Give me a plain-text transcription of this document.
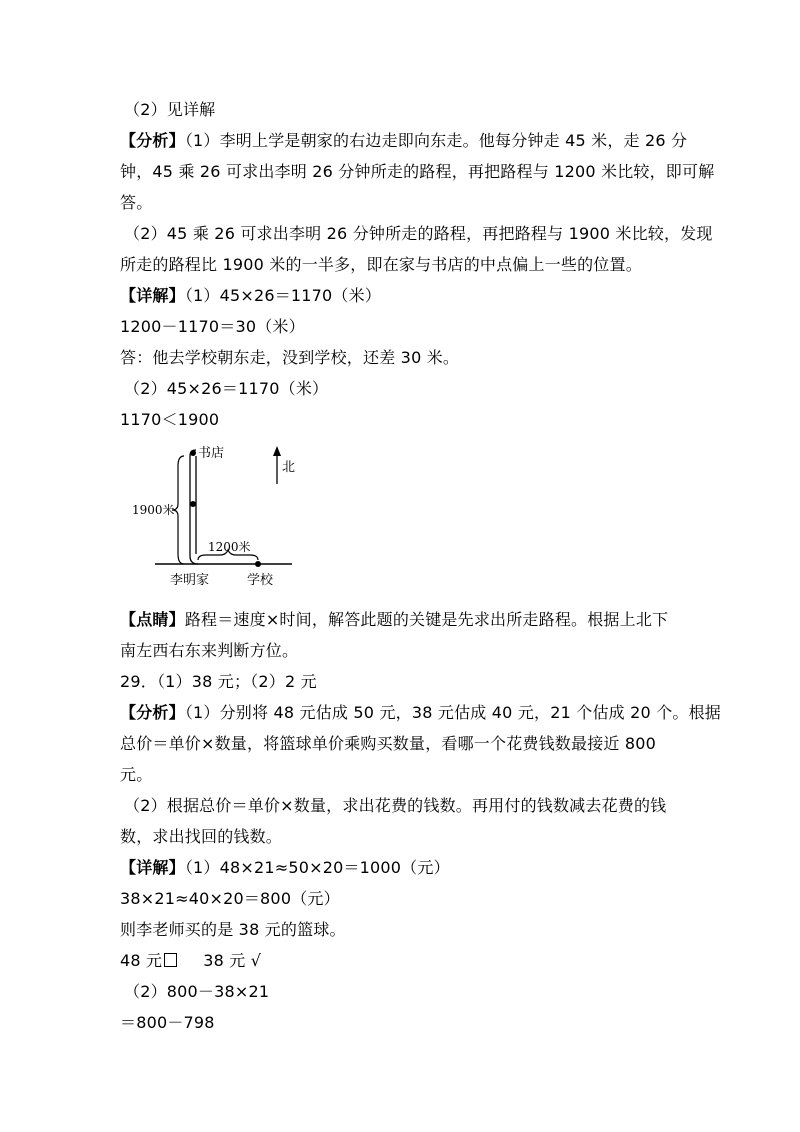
（2）见详解
【分析】（1）李明上学是朝家的右边走即向东走。他每分钟走 45 米，走 26 分
钟，45 乘 26 可求出李明 26 分钟所走的路程，再把路程与 1200 米比较，即可解
答。
（2）45 乘 26 可求出李明 26 分钟所走的路程，再把路程与 1900 米比较，发现
所走的路程比 1900 米的一半多，即在家与书店的中点偏上一些的位置。
【详解】（1）45×26＝1170（米）
1200－1170＝30（米）
答：他去学校朝东走，没到学校，还差 30 米。
（2）45×26＝1170（米）
1170＜1900
书店
北
1900米
1200米
李明家	学校
【点睛】路程＝速度×时间，解答此题的关键是先求出所走路程。根据上北下
南左西右东来判断方位。
29．（1）38 元；（2）2 元
【分析】（1）分别将 48 元估成 50 元，38 元估成 40 元，21 个估成 20 个。根据
总价＝单价×数量，将篮球单价乘购买数量，看哪一个花费钱数最接近 800
元。
（2）根据总价＝单价×数量，求出花费的钱数。再用付的钱数减去花费的钱
数，求出找回的钱数。
【详解】（1）48×21≈50×20＝1000（元）
38×21≈40×20＝800（元）
则李老师买的是 38 元的篮球。
48 元	38 元 √
（2）800－38×21
＝800－798
